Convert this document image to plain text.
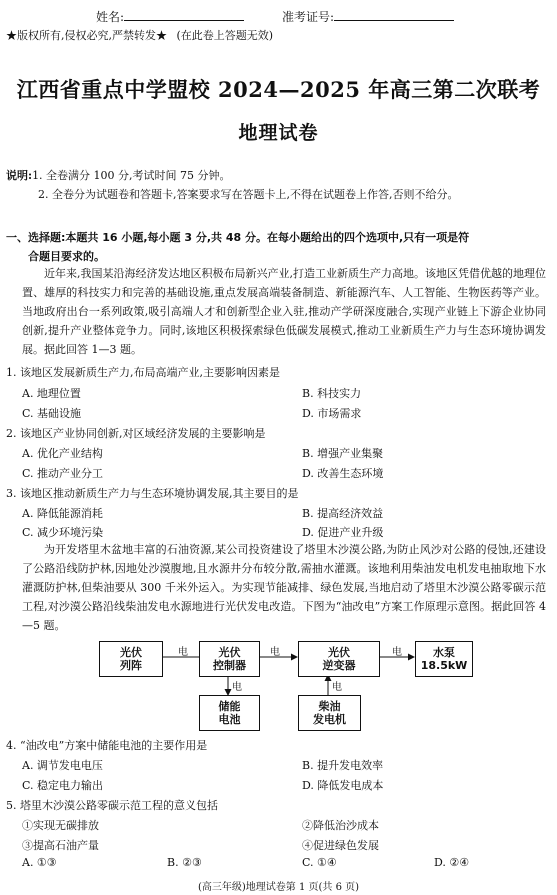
姓名:	准考证号:
★版权所有,侵权必究,严禁转发★ (在此卷上答题无效)
江西省重点中学盟校 2024—2025 年高三第二次联考
地理试卷
说明:1. 全卷满分 100 分,考试时间 75 分钟。
2. 全卷分为试题卷和答题卡,答案要求写在答题卡上,不得在试题卷上作答,否则不给分。
一、选择题:本题共 16 小题,每小题 3 分,共 48 分。在每小题给出的四个选项中,只有一项是符
合题目要求的。
近年来,我国某沿海经济发达地区积极布局新兴产业,打造工业新质生产力高地。该地区凭借优越的地理位置、雄厚的科技实力和完善的基础设施,重点发展高端装备制造、新能源汽车、人工智能、生物医药等产业。当地政府出台一系列政策,吸引高端人才和创新型企业入驻,推动产学研深度融合,实现产业链上下游企业协同创新,提升产业整体竞争力。同时,该地区积极探索绿色低碳发展模式,推动工业新质生产力与生态环境协调发展。据此回答 1—3 题。
1. 该地区发展新质生产力,布局高端产业,主要影响因素是
A. 地理位置	B. 科技实力
C. 基础设施	D. 市场需求
2. 该地区产业协同创新,对区域经济发展的主要影响是
A. 优化产业结构	B. 增强产业集聚
C. 推动产业分工	D. 改善生态环境
3. 该地区推动新质生产力与生态环境协调发展,其主要目的是
A. 降低能源消耗	B. 提高经济效益
C. 减少环境污染	D. 促进产业升级
为开发塔里木盆地丰富的石油资源,某公司投资建设了塔里木沙漠公路,为防止风沙对公路的侵蚀,还建设了公路沿线防护林,因地处沙漠腹地,且水源井分布较分散,需抽水灌溉。该地利用柴油发电机发电抽取地下水灌溉防护林,但柴油要从 300 千米外运入。为实现节能减排、绿色发展,当地启动了塔里木沙漠公路零碳示范工程,对沙漠公路沿线柴油发电水源地进行光伏发电改造。下图为“油改电”方案工作原理示意图。据此回答 4—5 题。
电	电	电
电	电
光伏
列阵
光伏
控制器
光伏
逆变器
水泵
18.5kW
储能
电池
柴油
发电机
4. “油改电”方案中储能电池的主要作用是
A. 调节发电电压	B. 提升发电效率
C. 稳定电力输出	D. 降低发电成本
5. 塔里木沙漠公路零碳示范工程的意义包括
①实现无碳排放	②降低治沙成本
③提高石油产量	④促进绿色发展
A. ①③	B. ②③	C. ①④	D. ②④
(高三年级)地理试卷第 1 页(共 6 页)
